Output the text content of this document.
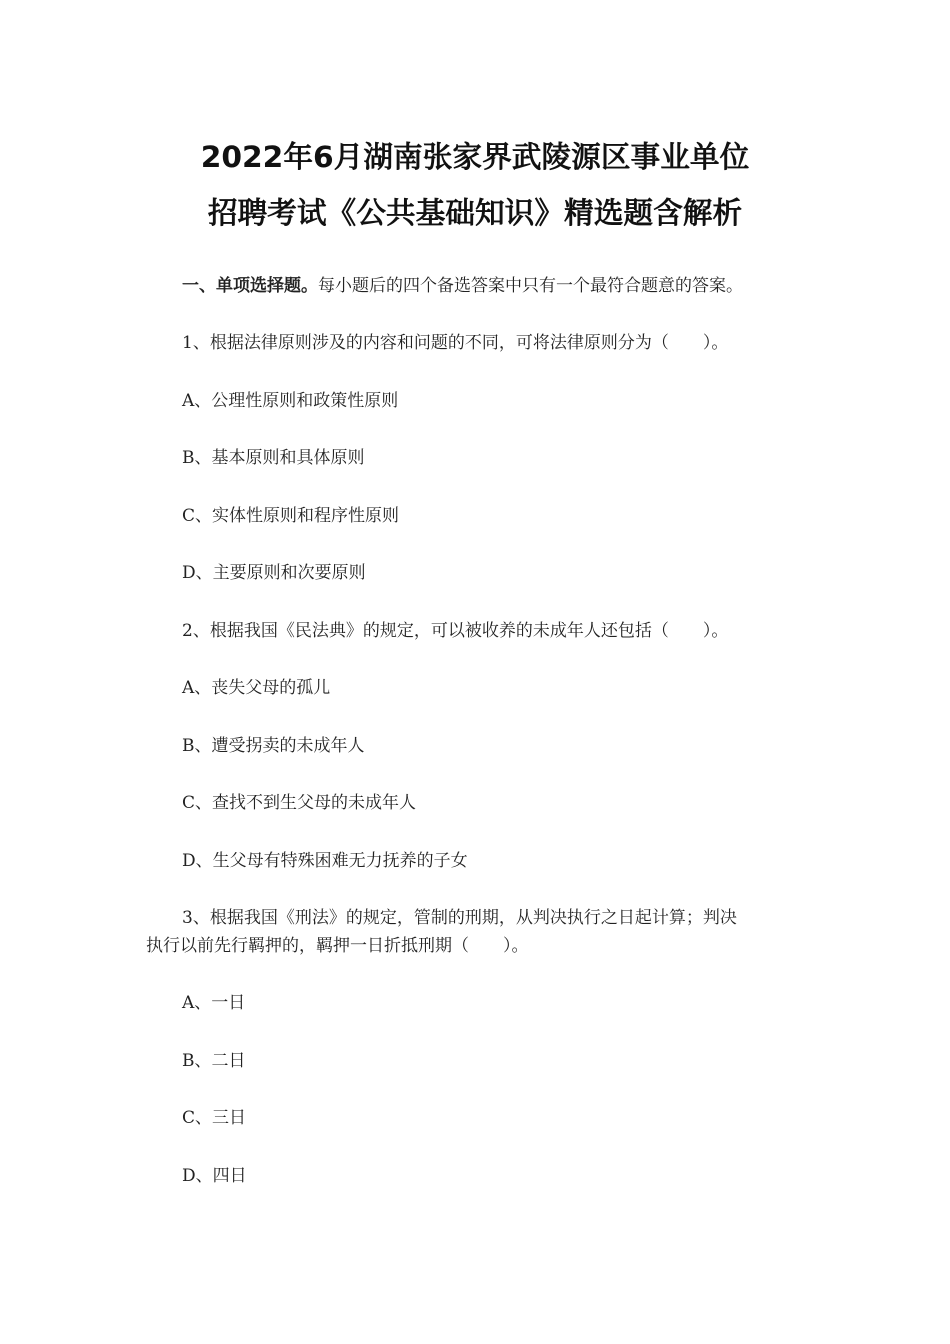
2022年6月湖南张家界武陵源区事业单位
招聘考试《公共基础知识》精选题含解析
一、单项选择题。每小题后的四个备选答案中只有一个最符合题意的答案。
1、根据法律原则涉及的内容和问题的不同，可将法律原则分为（　　）。
A、公理性原则和政策性原则
B、基本原则和具体原则
C、实体性原则和程序性原则
D、主要原则和次要原则
2、根据我国《民法典》的规定，可以被收养的未成年人还包括（　　）。
A、丧失父母的孤儿
B、遭受拐卖的未成年人
C、查找不到生父母的未成年人
D、生父母有特殊困难无力抚养的子女
3、根据我国《刑法》的规定，管制的刑期，从判决执行之日起计算；判决
执行以前先行羁押的，羁押一日折抵刑期（　　）。
A、一日
B、二日
C、三日
D、四日
